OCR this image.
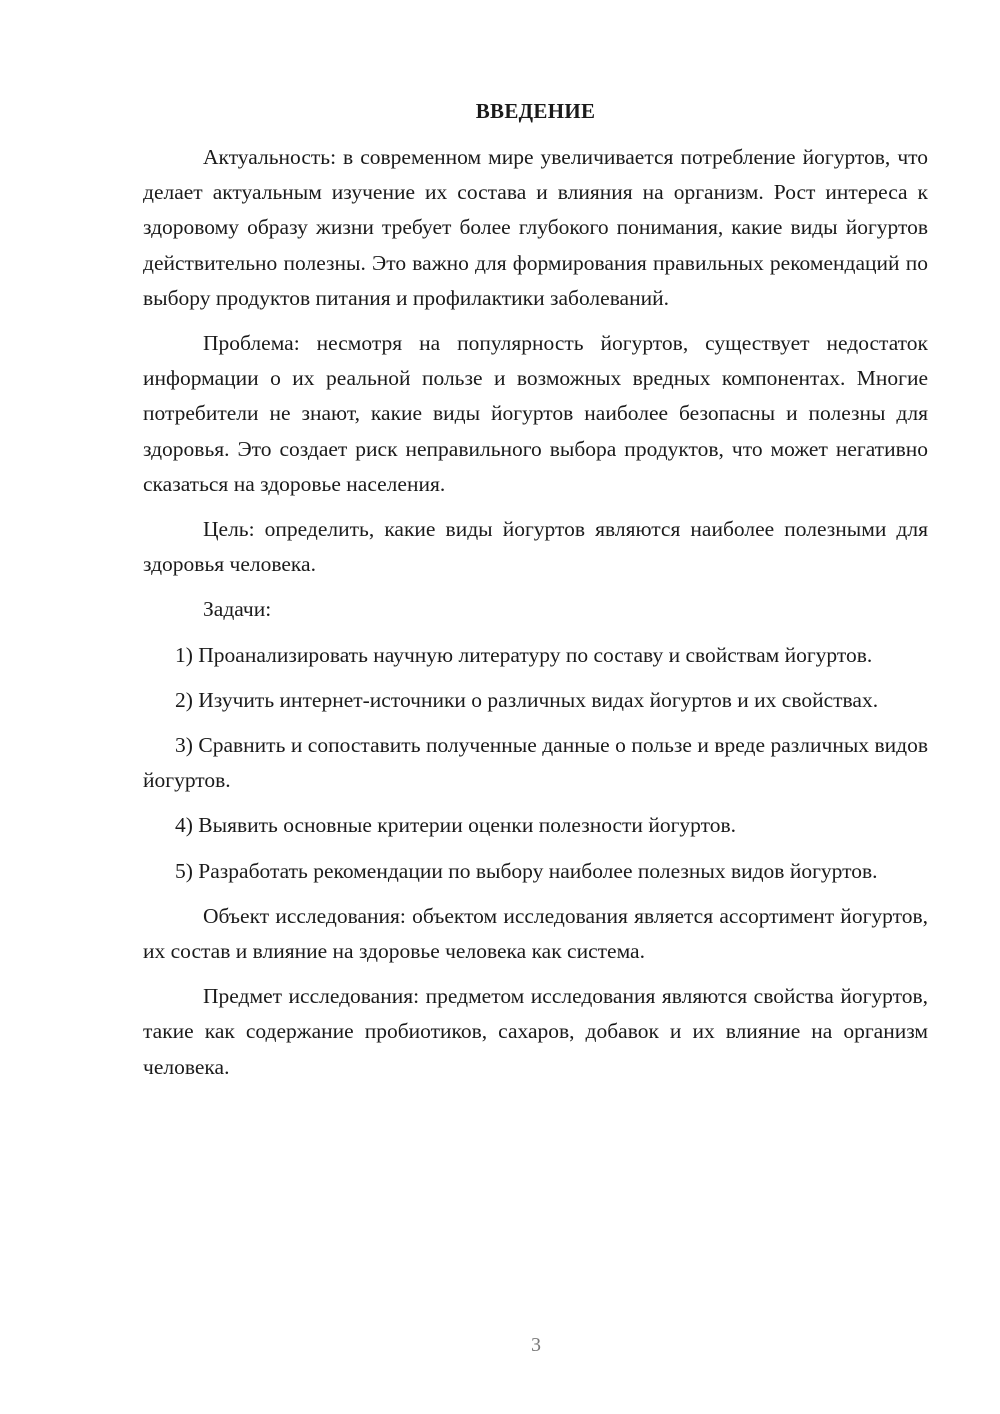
ВВЕДЕНИЕ

Актуальность: в современном мире увеличивается потребление йогуртов, что делает актуальным изучение их состава и влияния на организм. Рост интереса к здоровому образу жизни требует более глубокого понимания, какие виды йогуртов действительно полезны. Это важно для формирования правильных рекомендаций по выбору продуктов питания и профилактики заболеваний.

Проблема: несмотря на популярность йогуртов, существует недостаток информации о их реальной пользе и возможных вредных компонентах. Многие потребители не знают, какие виды йогуртов наиболее безопасны и полезны для здоровья. Это создает риск неправильного выбора продуктов, что может негативно сказаться на здоровье населения.

Цель: определить, какие виды йогуртов являются наиболее полезными для здоровья человека.

Задачи:

1) Проанализировать научную литературу по составу и свойствам йогуртов.

2) Изучить интернет-источники о различных видах йогуртов и их свойствах.

3) Сравнить и сопоставить полученные данные о пользе и вреде различных видов йогуртов.

4) Выявить основные критерии оценки полезности йогуртов.

5) Разработать рекомендации по выбору наиболее полезных видов йогуртов.

Объект исследования: объектом исследования является ассортимент йогуртов, их состав и влияние на здоровье человека как система.

Предмет исследования: предметом исследования являются свойства йогуртов, такие как содержание пробиотиков, сахаров, добавок и их влияние на организм человека.

3
